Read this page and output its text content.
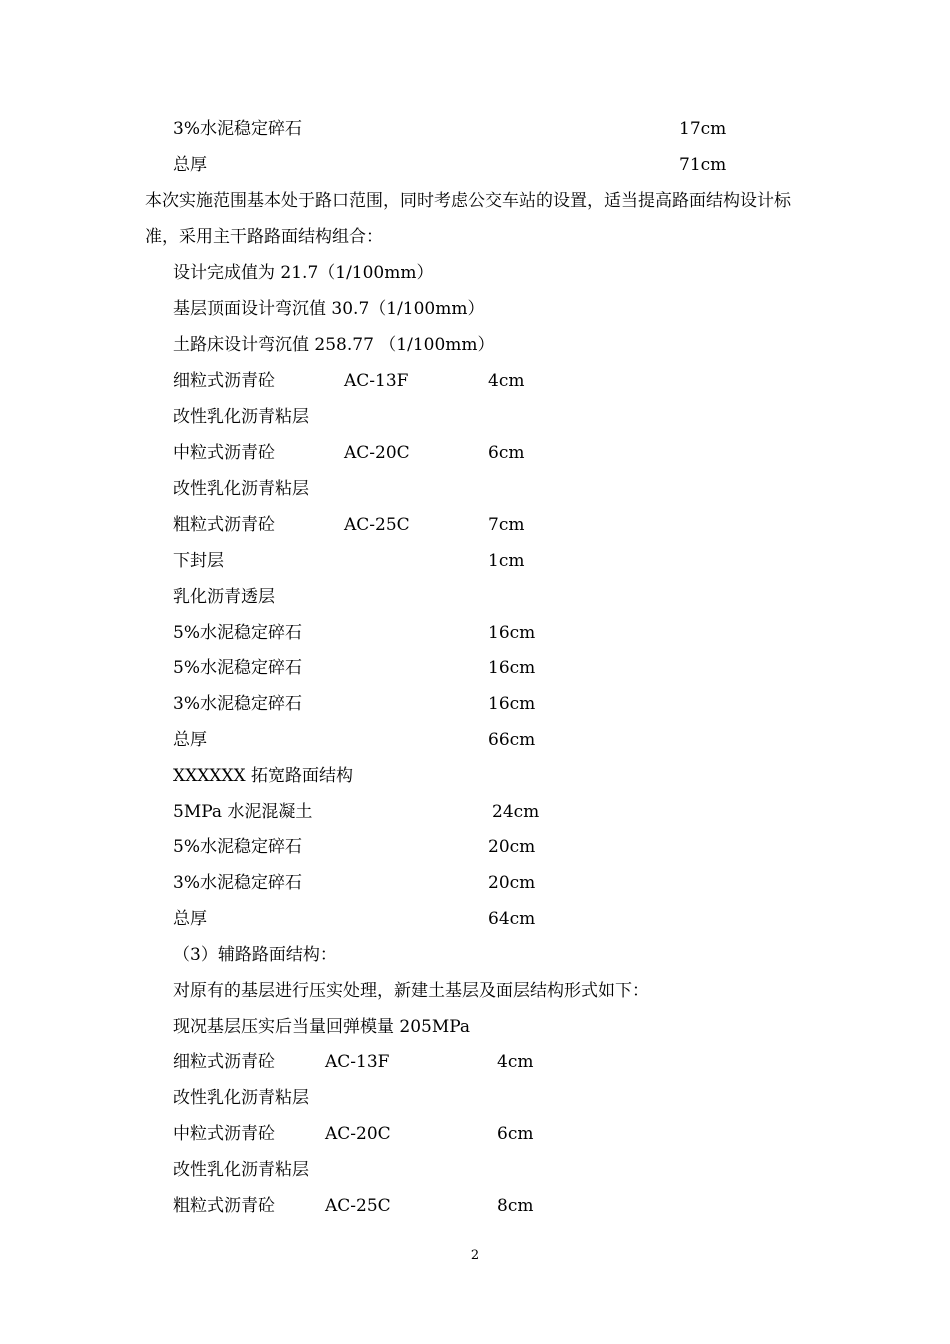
3%水泥稳定碎石	17cm
总厚	71cm
本次实施范围基本处于路口范围，同时考虑公交车站的设置，适当提高路面结构设计标
准，采用主干路路面结构组合：
设计完成值为 21.7（1/100mm）
基层顶面设计弯沉值 30.7（1/100mm）
土路床设计弯沉值 258.77 （1/100mm）
细粒式沥青砼	AC-13F	4cm
改性乳化沥青粘层
中粒式沥青砼	AC-20C	6cm
改性乳化沥青粘层
粗粒式沥青砼	AC-25C	7cm
下封层	1cm
乳化沥青透层
5%水泥稳定碎石	16cm
5%水泥稳定碎石	16cm
3%水泥稳定碎石	16cm
总厚	66cm
XXXXXX 拓宽路面结构
5MPa 水泥混凝土	24cm
5%水泥稳定碎石	20cm
3%水泥稳定碎石	20cm
总厚	64cm
（3）辅路路面结构：
对原有的基层进行压实处理，新建土基层及面层结构形式如下：
现况基层压实后当量回弹模量 205MPa
细粒式沥青砼	AC-13F	4cm
改性乳化沥青粘层
中粒式沥青砼	AC-20C	6cm
改性乳化沥青粘层
粗粒式沥青砼	AC-25C	8cm
2
